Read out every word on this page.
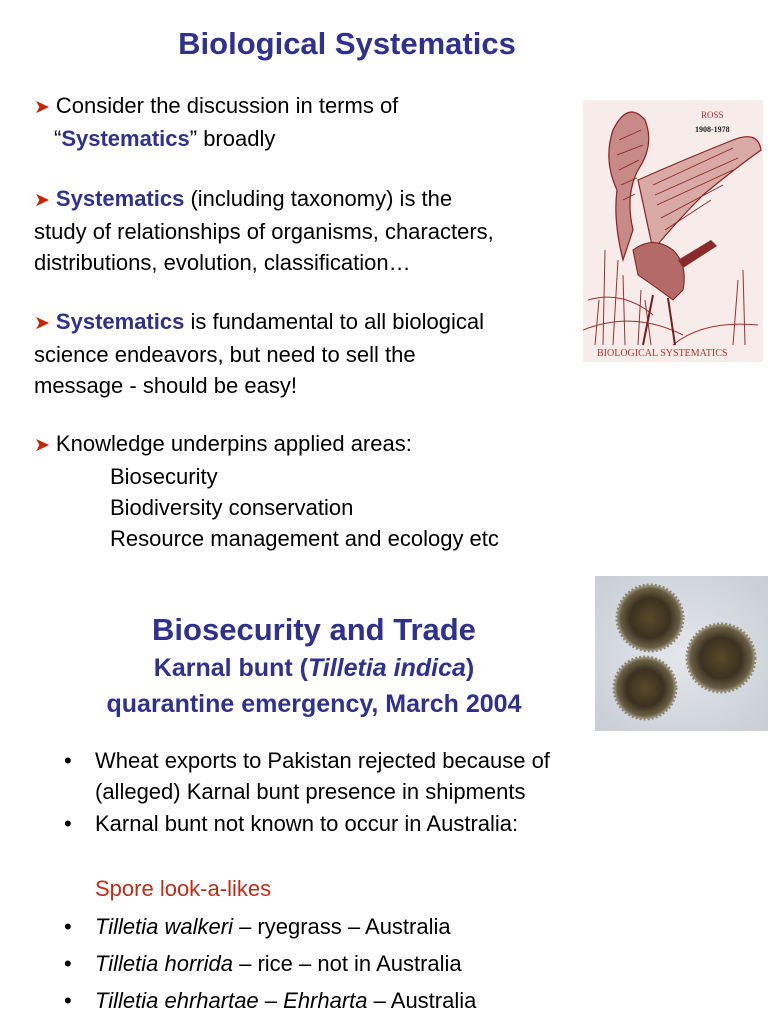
Biological Systematics
➤ Consider the discussion in terms of
“Systematics” broadly
➤ Systematics (including taxonomy) is the
study of relationships of organisms, characters,
distributions, evolution, classification…
➤ Systematics is fundamental to all biological
science endeavors, but need to sell the
message - should be easy!
➤ Knowledge underpins applied areas:
Biosecurity
Biodiversity conservation
Resource management and ecology etc
ROSS
1908-1978
BIOLOGICAL SYSTEMATICS
Biosecurity and Trade
Karnal bunt (Tilletia indica)
quarantine emergency, March 2004
•	Wheat exports to Pakistan rejected because of
(alleged) Karnal bunt presence in shipments
•	Karnal bunt not known to occur in Australia:
Spore look-a-likes
•	Tilletia walkeri – ryegrass – Australia
•	Tilletia horrida – rice – not in Australia
•	Tilletia ehrhartae – Ehrharta – Australia
